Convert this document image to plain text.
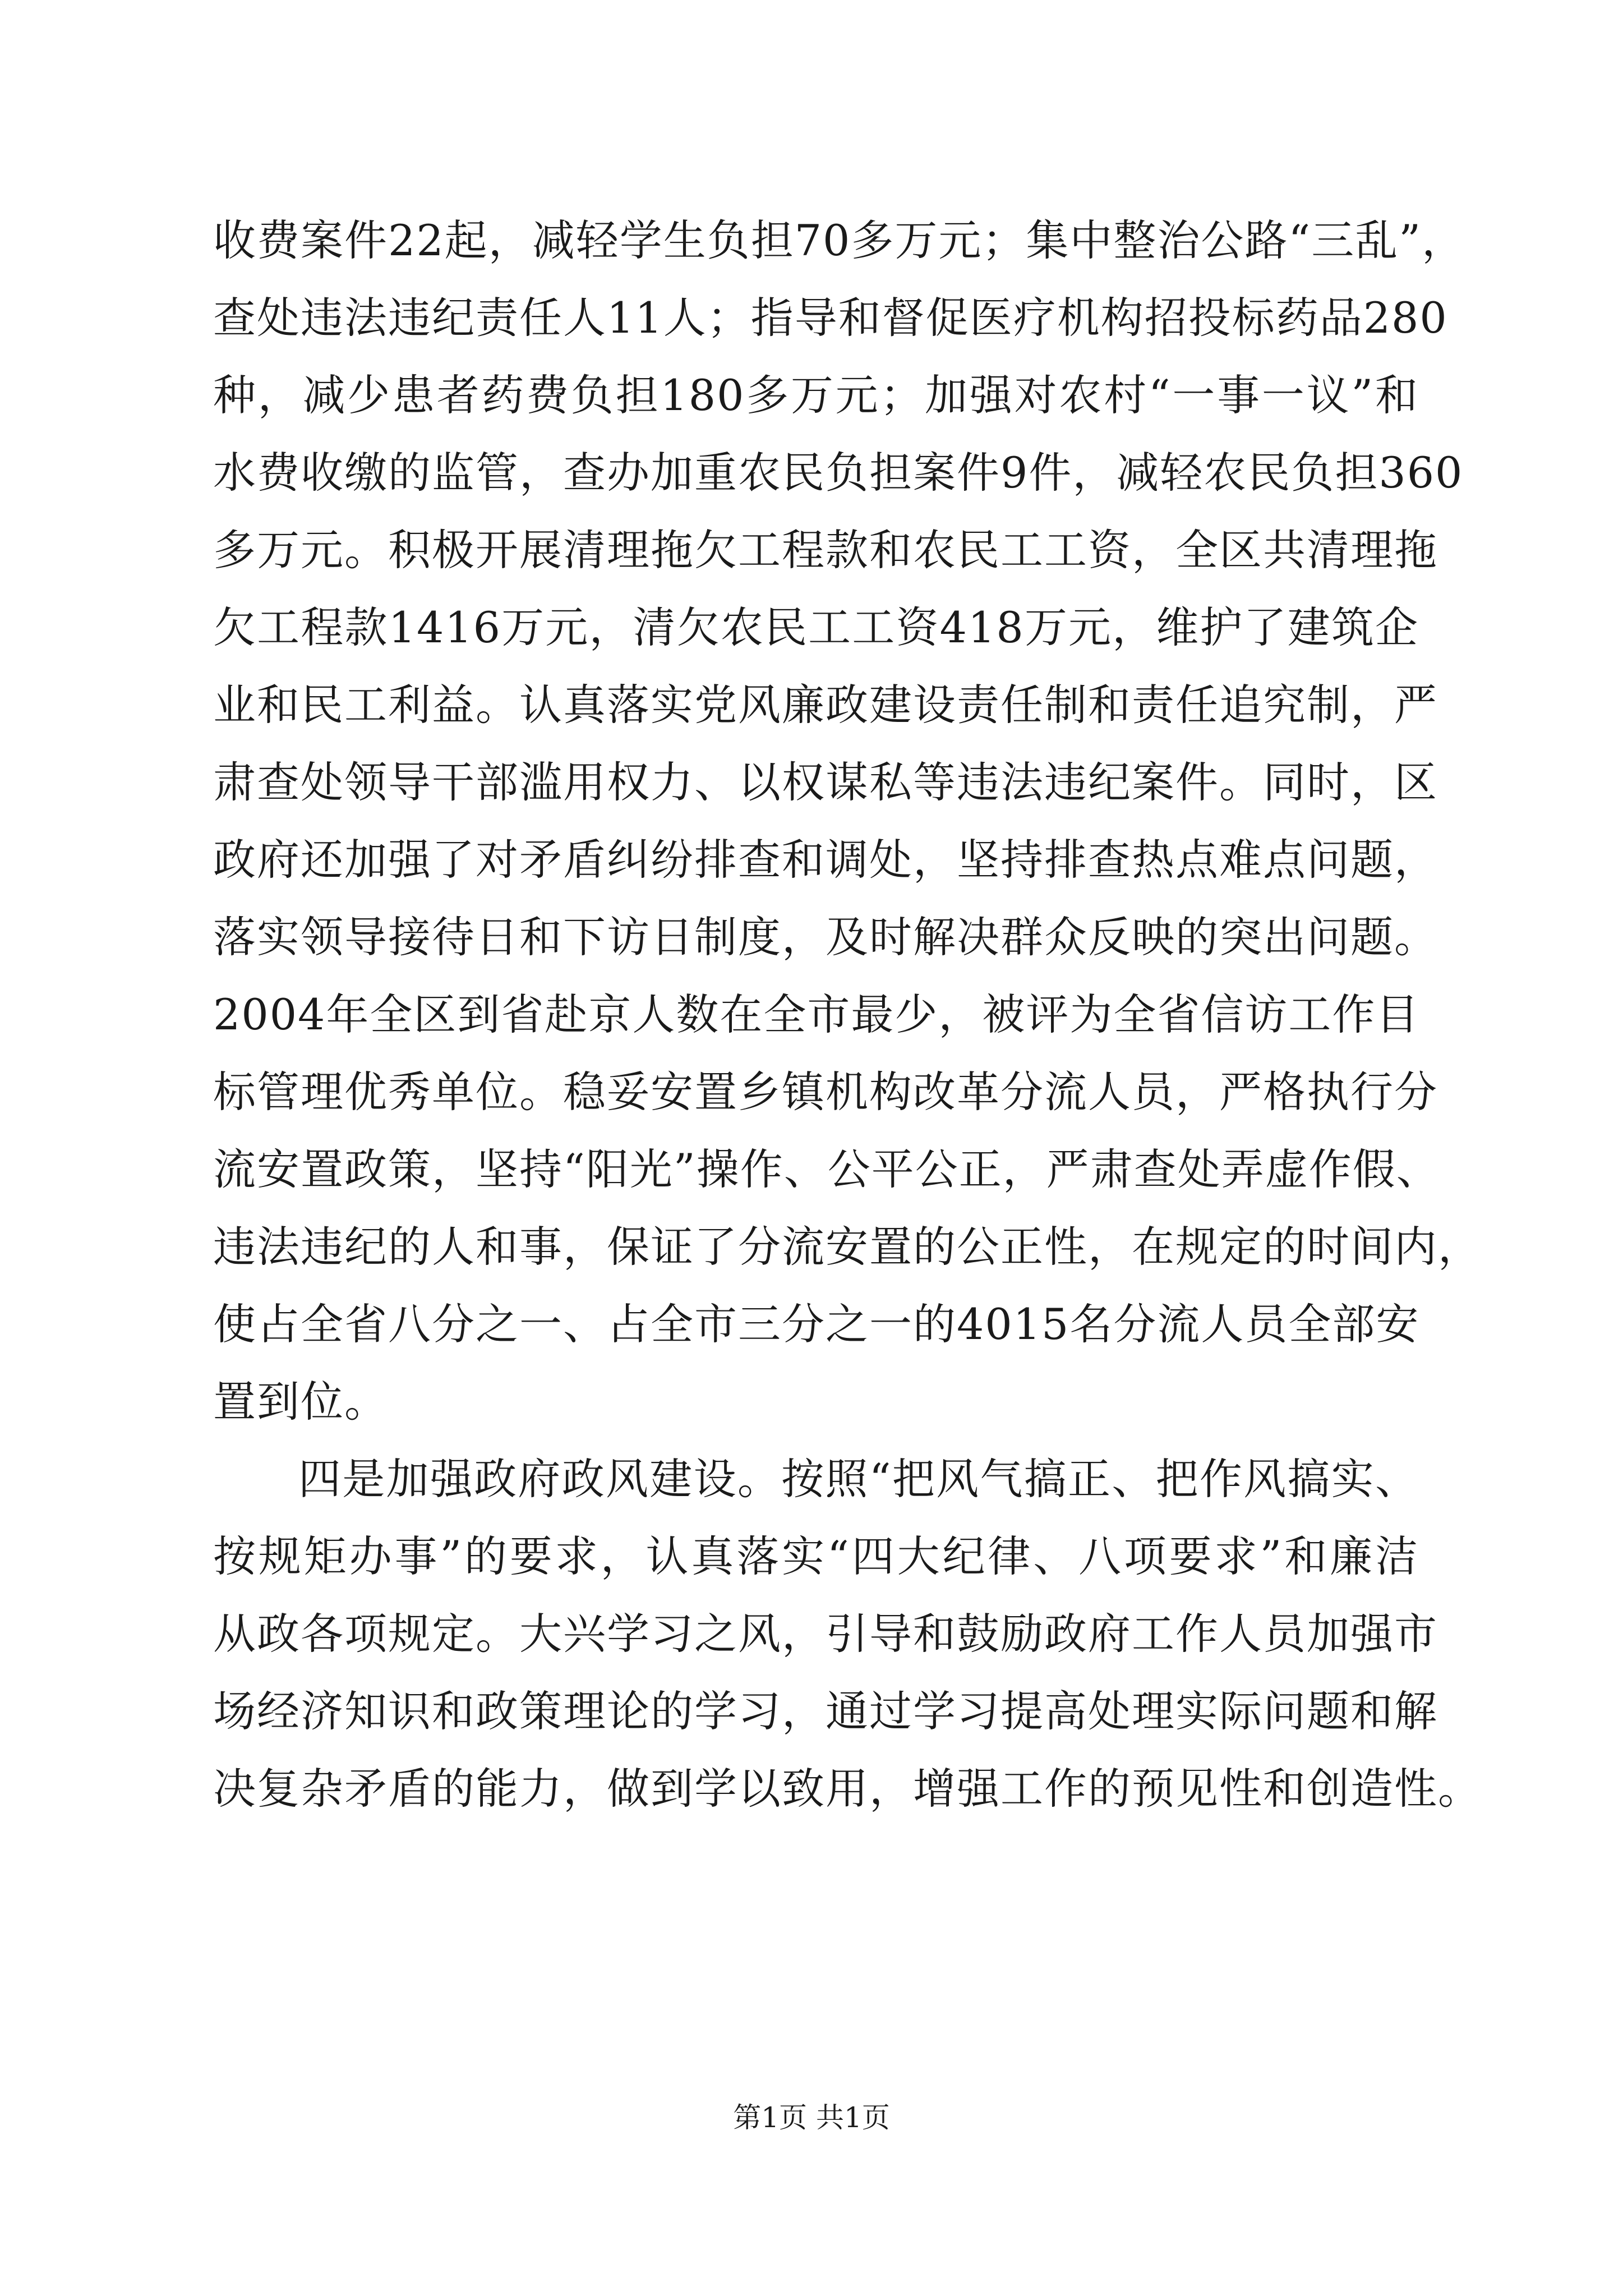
收费案件22起，减轻学生负担70多万元；集中整治公路“三乱”，
查处违法违纪责任人11人；指导和督促医疗机构招投标药品280
种，减少患者药费负担180多万元；加强对农村“一事一议”和
水费收缴的监管，查办加重农民负担案件9件，减轻农民负担360
多万元。积极开展清理拖欠工程款和农民工工资，全区共清理拖
欠工程款1416万元，清欠农民工工资418万元，维护了建筑企
业和民工利益。认真落实党风廉政建设责任制和责任追究制，严
肃查处领导干部滥用权力、以权谋私等违法违纪案件。同时，区
政府还加强了对矛盾纠纷排查和调处，坚持排查热点难点问题，
落实领导接待日和下访日制度，及时解决群众反映的突出问题。
2004年全区到省赴京人数在全市最少，被评为全省信访工作目
标管理优秀单位。稳妥安置乡镇机构改革分流人员，严格执行分
流安置政策，坚持“阳光”操作、公平公正，严肃查处弄虚作假、
违法违纪的人和事，保证了分流安置的公正性，在规定的时间内，
使占全省八分之一、占全市三分之一的4015名分流人员全部安
置到位。
四是加强政府政风建设。按照“把风气搞正、把作风搞实、
按规矩办事”的要求，认真落实“四大纪律、八项要求”和廉洁
从政各项规定。大兴学习之风，引导和鼓励政府工作人员加强市
场经济知识和政策理论的学习，通过学习提高处理实际问题和解
决复杂矛盾的能力，做到学以致用，增强工作的预见性和创造性。
第1页 共1页
